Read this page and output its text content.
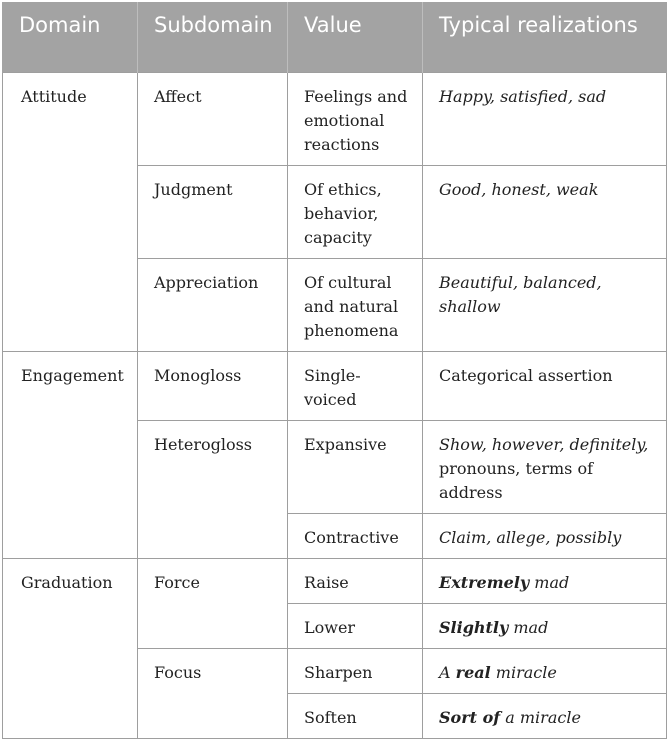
Domain	Subdomain	Value	Typical realizations
Attitude	Affect	Feelings and emotional reactions	Happy, satisfied, sad
	Judgment	Of ethics, behavior, capacity	Good, honest, weak
	Appreciation	Of cultural and natural phenomena	Beautiful, balanced, shallow
Engagement	Monogloss	Single-voiced	Categorical assertion
	Heterogloss	Expansive	Show, however, definitely, pronouns, terms of address
		Contractive	Claim, allege, possibly
Graduation	Force	Raise	Extremely mad
		Lower	Slightly mad
	Focus	Sharpen	A real miracle
		Soften	Sort of a miracle
